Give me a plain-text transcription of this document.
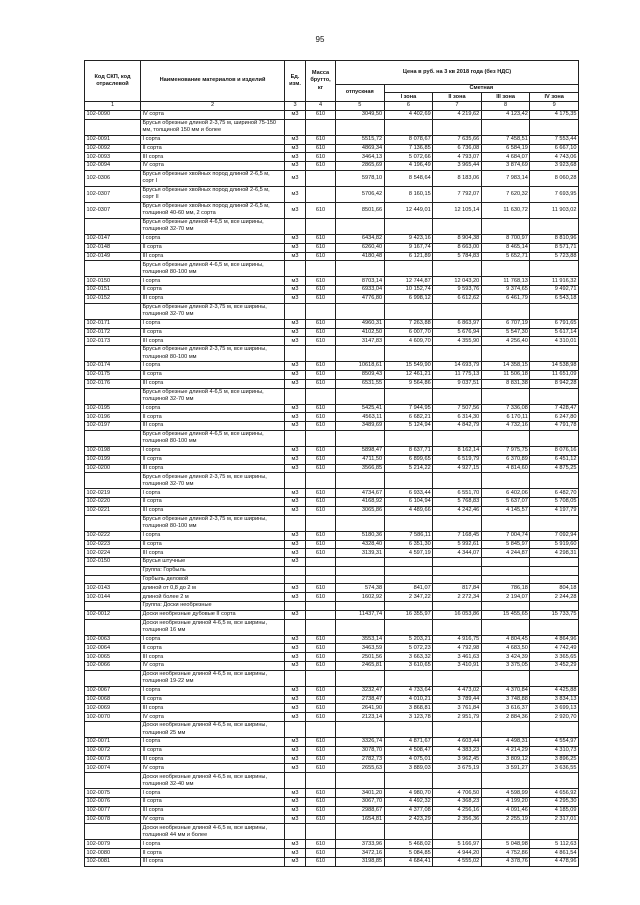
95
Код СКП, код отраслевой	Наименование материалов и изделий	Ед. изм.	Масса брутто, кг	Цена в руб. на 3 кв 2018 года (без НДС)				
				отпускная	Сметная			
					I зона	II зона	III зона	IV зона
1	2	3	4	5	6	7	8	9
102-0090	IV сорта	м3	610	3049,50	4 402,69	4 219,62	4 123,42	4 175,35
	Брусья обрезные длиной 2-3,75 м, шириной 75-150 мм, толщиной 150 мм и более							
102-0091	I сорта	м3	610	5515,72	8 078,67	7 635,66	7 458,51	7 553,44
102-0092	II сорта	м3	610	4869,34	7 136,85	6 736,08	6 584,19	6 667,10
102-0093	III сорта	м3	610	3464,13	5 072,66	4 793,07	4 684,07	4 743,06
102-0094	IV сорта	м3	610	2865,69	4 196,49	3 965,44	3 874,69	3 923,68
102-0306	Брусья обрезные хвойных пород длиной 2-6,5 м, сорт I	м3		5978,10	8 548,64	8 183,06	7 983,14	8 060,28
102-0307	Брусья обрезные хвойных пород длиной 2-6,5 м, сорт II	м3		5706,42	8 160,15	7 792,07	7 620,32	7 693,95
102-0307	Брусья обрезные хвойных пород длиной 2-6,5 м, толщиной 40-60 мм, 2 сорта	м3	610	8501,66	12 449,01	12 105,14	11 630,72	11 903,02
	Брусья обрезные длиной 4-6,5 м, все ширины, толщиной 32-70 мм							
102-0147	I сорта	м3	610	6434,82	9 423,16	8 904,38	8 700,97	8 810,96
102-0148	II сорта	м3	610	6260,40	9 167,74	8 663,00	8 465,14	8 571,71
102-0149	III сорта	м3	610	4180,48	6 121,89	5 784,83	5 652,71	5 723,88
	Брусья обрезные длиной 4-6,5 м, все ширины, толщиной 80-100 мм							
102-0150	I сорта	м3	610	8703,14	12 744,87	12 043,20	11 768,13	11 916,32
102-0151	II сорта	м3	610	6933,04	10 152,74	9 593,76	9 374,65	9 492,71
102-0152	III сорта	м3	610	4776,80	6 998,12	6 612,62	6 461,79	6 543,18
	Брусья обрезные длиной 2-3,75 м, все ширины, толщиной 32-70 мм							
102-0171	I сорта	м3	610	4960,31	7 263,88	6 863,97	6 707,19	6 791,65
102-0172	II сорта	м3	610	4102,50	6 007,70	5 676,94	5 547,30	5 617,14
102-0173	III сорта	м3	610	3147,83	4 609,70	4 355,90	4 256,40	4 310,01
	Брусья обрезные длиной 2-3,75 м, все ширины, толщиной 80-100 мм							
102-0174	I сорта	м3	610	10618,61	15 549,90	14 693,79	14 358,15	14 538,98
102-0175	II сорта	м3	610	8509,43	12 461,21	11 775,13	11 506,18	11 651,09
102-0176	III сорта	м3	610	6531,55	9 564,86	9 037,51	8 831,38	8 942,28
	Брусья обрезные длиной 4-6,5 м, все ширины, толщиной 32-70 мм							
102-0195	I сорта	м3	610	5425,41	7 944,95	7 507,56	7 336,08	7 428,47
102-0196	II сорта	м3	610	4563,11	6 682,21	6 314,30	6 170,11	6 247,80
102-0197	III сорта	м3	610	3489,69	5 124,94	4 842,79	4 732,16	4 791,78
	Брусья обрезные длиной 4-6,5 м, все ширины, толщиной 80-100 мм							
102-0198	I сорта	м3	610	5898,47	8 637,71	8 162,14	7 975,75	8 076,16
102-0199	II сорта	м3	610	4711,50	6 899,65	6 519,79	6 370,89	6 451,12
102-0200	III сорта	м3	610	3566,85	5 214,22	4 927,15	4 814,60	4 875,25
	Брусья обрезные длиной 2-3,75 м, все ширины, толщиной 32-70 мм							
102-0219	I сорта	м3	610	4734,67	6 933,44	6 551,70	6 402,06	6 482,70
102-0220	II сорта	м3	610	4168,92	6 104,94	5 768,83	5 637,07	5 708,05
102-0221	III сорта	м3	610	3065,86	4 489,66	4 242,46	4 145,57	4 197,79
	Брусья обрезные длиной 2-3,75 м, все ширины, толщиной 80-100 мм							
102-0222	I сорта	м3	610	5180,36	7 586,11	7 168,45	7 004,74	7 092,94
102-0223	II сорта	м3	610	4328,40	6 351,30	5 992,61	5 845,97	5 919,60
102-0224	III сорта	м3	610	3139,31	4 597,19	4 344,07	4 244,87	4 298,31
102-0150	Брусья штучные	м3						
	Группа: Горбыль							
	Горбыль деловой							
102-0143	длиной от 0,8 до 2 м	м3	610	574,38	841,07	817,84	786,18	804,18
102-0144	длиной более 2 м	м3	610	1602,92	2 347,22	2 272,34	2 194,07	2 244,28
	Группа: Доски необрезные							
102-0012	Доски необрезные дубовые II сорта	м3		11437,74	16 355,97	16 053,86	15 455,65	15 733,75
	Доски необрезные длиной 4-6,5 м, все ширины, толщиной 16 мм							
102-0063	I сорта	м3	610	3553,14	5 203,21	4 916,75	4 804,45	4 864,96
102-0064	II сорта	м3	610	3463,59	5 072,23	4 792,98	4 683,50	4 742,49
102-0065	III сорта	м3	610	2501,56	3 663,32	3 461,63	3 424,39	3 365,65
102-0066	IV сорта	м3	610	2465,81	3 610,65	3 410,91	3 375,05	3 452,29
	Доски необрезные длиной 4-6,5 м, все ширины, толщиной 19-22 мм							
102-0067	I сорта	м3	610	3232,47	4 733,64	4 473,02	4 370,84	4 425,88
102-0068	II сорта	м3	610	2738,47	4 010,21	3 789,44	3 748,88	3 834,13
102-0069	III сорта	м3	610	2641,90	3 868,81	3 761,84	3 616,37	3 699,13
102-0070	IV сорта	м3	610	2123,14	3 123,78	2 951,79	2 884,36	2 920,70
	Доски необрезные длиной 4-6,5 м, все ширины, толщиной 25 мм							
102-0071	I сорта	м3	610	3326,74	4 871,67	4 603,44	4 498,31	4 554,97
102-0072	II сорта	м3	610	3078,70	4 508,47	4 383,23	4 214,29	4 310,73
102-0073	III сорта	м3	610	2782,73	4 075,01	3 962,45	3 809,12	3 896,25
102-0074	IV сорта	м3	610	2655,63	3 889,03	3 675,19	3 591,27	3 636,55
	Доски необрезные длиной 4-6,5 м, все ширины, толщиной 32-40 мм							
102-0075	I сорта	м3	610	3401,20	4 980,70	4 706,50	4 598,99	4 656,92
102-0076	II сорта	м3	610	3067,70	4 492,32	4 368,23	4 199,20	4 295,30
102-0077	III сорта	м3	610	2988,67	4 377,08	4 256,16	4 091,46	4 185,09
102-0078	IV сорта	м3	610	1654,81	2 423,29	2 356,36	2 255,19	2 317,01
	Доски необрезные длиной 4-6,5 м, все ширины, толщиной 44 мм и более							
102-0079	I сорта	м3	610	3733,96	5 468,02	5 166,97	5 048,98	5 112,63
102-0080	II сорта	м3	610	3472,16	5 084,85	4 944,20	4 752,86	4 861,54
102-0081	III сорта	м3	610	3198,85	4 684,41	4 555,02	4 378,76	4 478,96
